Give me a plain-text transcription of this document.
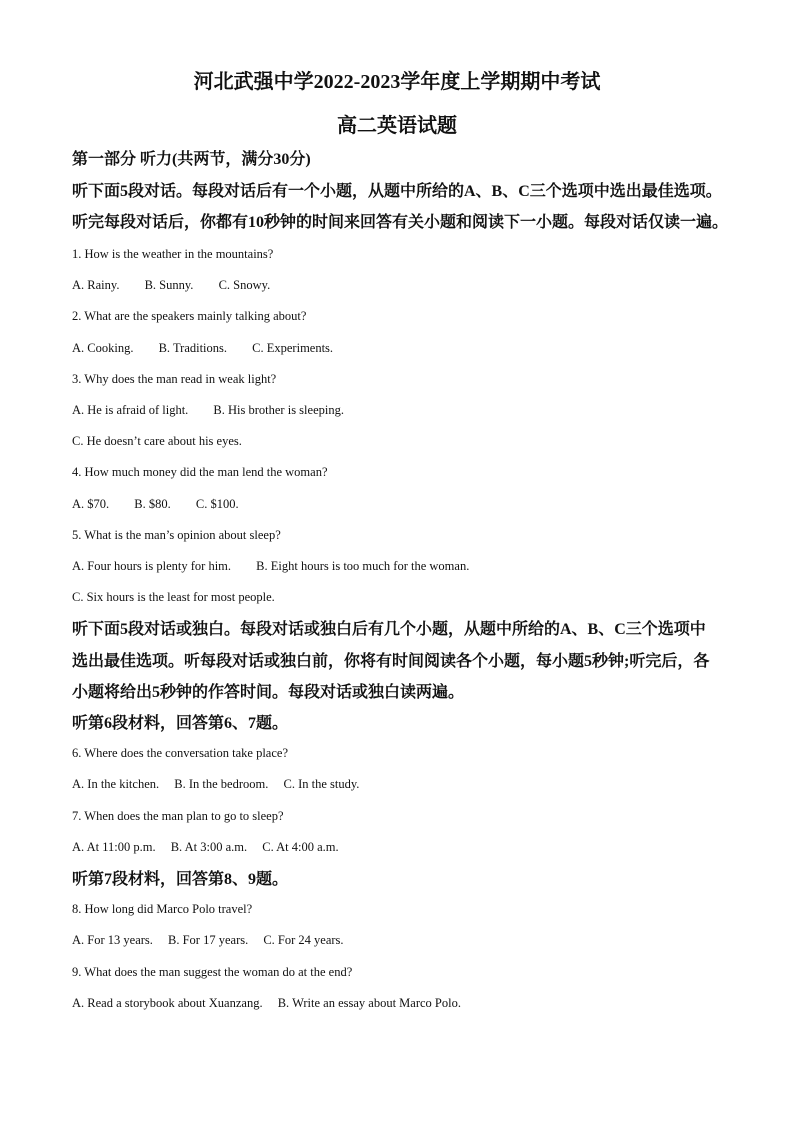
河北武强中学2022-2023学年度上学期期中考试
高二英语试题

第一部分 听力(共两节，满分30分)

听下面5段对话。每段对话后有一个小题，从题中所给的A、B、C三个选项中选出最佳选项。

听完每段对话后，你都有10秒钟的时间来回答有关小题和阅读下一小题。每段对话仅读一遍。

1. How is the weather in the mountains?

A. Rainy. B. Sunny. C. Snowy.

2. What are the speakers mainly talking about?

A. Cooking. B. Traditions. C. Experiments.

3. Why does the man read in weak light?

A. He is afraid of light. B. His brother is sleeping.

C. He doesn’t care about his eyes.

4. How much money did the man lend the woman?

A. $70. B. $80. C. $100.

5. What is the man’s opinion about sleep?

A. Four hours is plenty for him. B. Eight hours is too much for the woman.

C. Six hours is the least for most people.

听下面5段对话或独白。每段对话或独白后有几个小题，从题中所给的A、B、C三个选项中

选出最佳选项。听每段对话或独白前，你将有时间阅读各个小题，每小题5秒钟;听完后，各

小题将给出5秒钟的作答时间。每段对话或独白读两遍。

听第6段材料，回答第6、7题。

6. Where does the conversation take place?

A. In the kitchen. B. In the bedroom. C. In the study.

7. When does the man plan to go to sleep?

A. At 11:00 p.m. B. At 3:00 a.m. C. At 4:00 a.m.

听第7段材料，回答第8、9题。

8. How long did Marco Polo travel?

A. For 13 years. B. For 17 years. C. For 24 years.

9. What does the man suggest the woman do at the end?

A. Read a storybook about Xuanzang. B. Write an essay about Marco Polo.
